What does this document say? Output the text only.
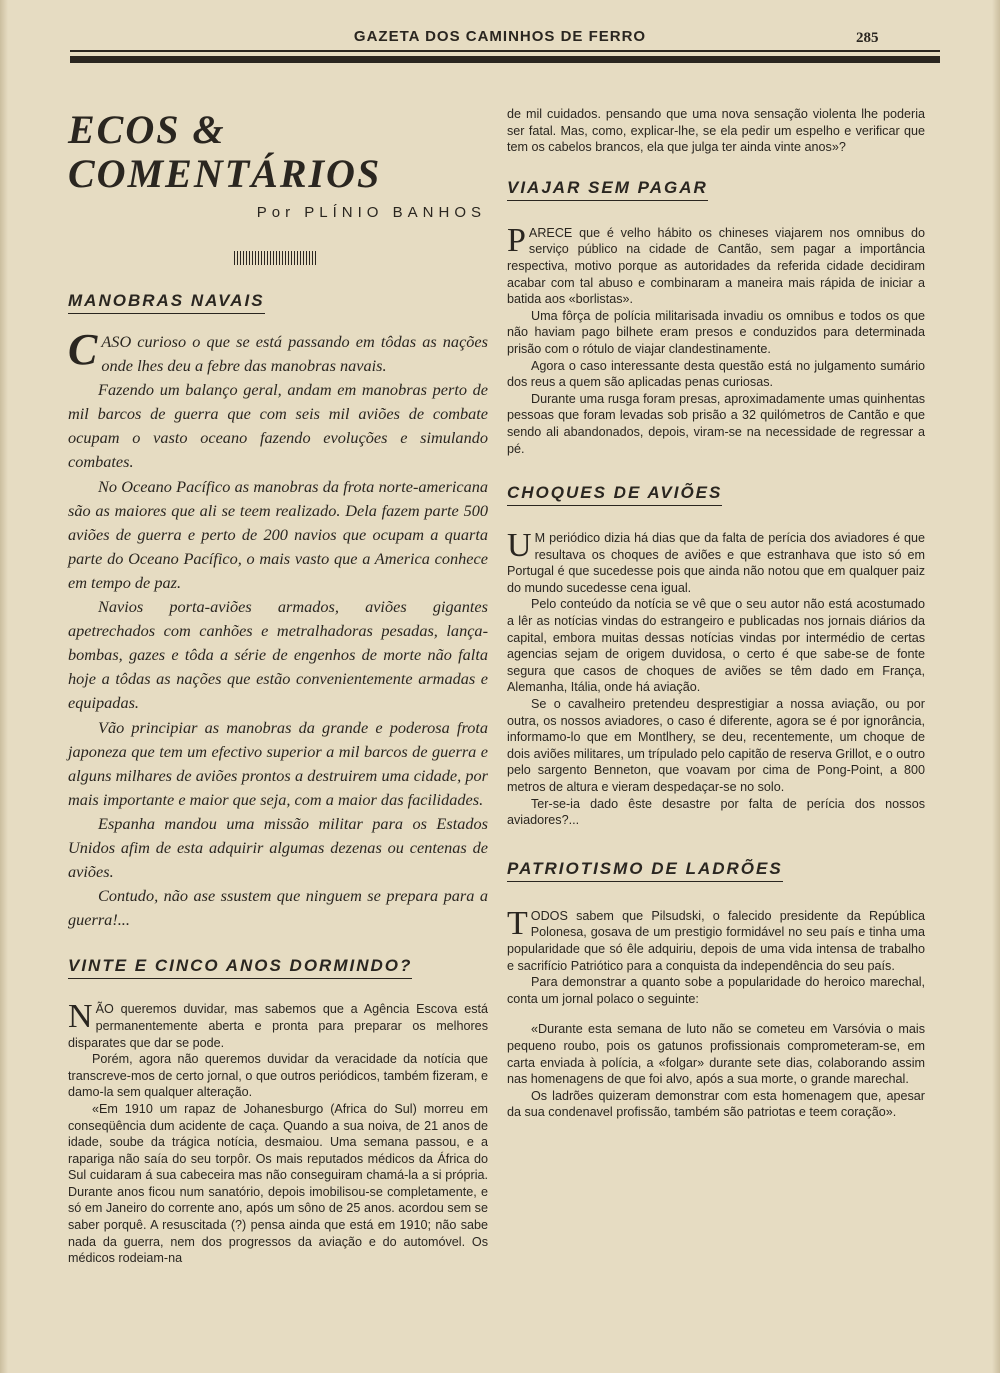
GAZETA DOS CAMINHOS DE FERRO	285
ECOS & COMENTÁRIOS
Por PLÍNIO BANHOS
MANOBRAS NAVAIS

CASO curioso o que se está passando em tôdas as nações onde lhes deu a febre das manobras navais.

Fazendo um balanço geral, andam em manobras perto de mil barcos de guerra que com seis mil aviões de combate ocupam o vasto oceano fazendo evoluções e simulando combates.

No Oceano Pacífico as manobras da frota norte-americana são as maiores que ali se teem realizado. Dela fazem parte 500 aviões de guerra e perto de 200 navios que ocupam a quarta parte do Oceano Pacífico, o mais vasto que a America conhece em tempo de paz.

Navios porta-aviões armados, aviões gigantes apetrechados com canhões e metralhadoras pesadas, lança-bombas, gazes e tôda a série de engenhos de morte não falta hoje a tôdas as nações que estão convenientemente armadas e equipadas.

Vão principiar as manobras da grande e poderosa frota japoneza que tem um efectivo superior a mil barcos de guerra e alguns milhares de aviões prontos a destruirem uma cidade, por mais importante e maior que seja, com a maior das facilidades.

Espanha mandou uma missão militar para os Estados Unidos afim de esta adquirir algumas dezenas ou centenas de aviões.

Contudo, não ase ssustem que ninguem se prepara para a guerra!...

VINTE E CINCO ANOS DORMINDO?

NÃO queremos duvidar, mas sabemos que a Agência Escova está permanentemente aberta e pronta para preparar os melhores disparates que dar se pode.

Porém, agora não queremos duvidar da veracidade da notícia que transcreve-mos de certo jornal, o que outros periódicos, também fizeram, e damo-la sem qualquer alteração.

«Em 1910 um rapaz de Johanesburgo (Africa do Sul) morreu em conseqüência dum acidente de caça. Quando a sua noiva, de 21 anos de idade, soube da trágica notícia, desmaiou. Uma semana passou, e a rapariga não saía do seu torpôr. Os mais reputados médicos da África do Sul cuidaram á sua cabeceira mas não conseguiram chamá-la a si própria. Durante anos ficou num sanatório, depois imobilisou-se completamente, e só em Janeiro do corrente ano, após um sôno de 25 anos. acordou sem se saber porquê. A resuscitada (?) pensa ainda que está em 1910; não sabe nada da guerra, nem dos progressos da aviação e do automóvel. Os médicos rodeiam-na

de mil cuidados. pensando que uma nova sensação violenta lhe poderia ser fatal. Mas, como, explicar-lhe, se ela pedir um espelho e verificar que tem os cabelos brancos, ela que julga ter ainda vinte anos»?

VIAJAR SEM PAGAR

PARECE que é velho hábito os chineses viajarem nos omnibus do serviço público na cidade de Cantão, sem pagar a importância respectiva, motivo porque as autoridades da referida cidade decidiram acabar com tal abuso e combinaram a maneira mais rápida de iniciar a batida aos «borlistas».

Uma fôrça de polícia militarisada invadiu os omnibus e todos os que não haviam pago bilhete eram presos e conduzidos para determinada prisão com o rótulo de viajar clandestinamente.

Agora o caso interessante desta questão está no julgamento sumário dos reus a quem são aplicadas penas curiosas.

Durante uma rusga foram presas, aproximadamente umas quinhentas pessoas que foram levadas sob prisão a 32 quilómetros de Cantão e que sendo ali abandonados, depois, viram-se na necessidade de regressar a pé.

CHOQUES DE AVIÕES

U M periódico dizia há dias que da falta de perícia dos aviadores é que resultava os choques de aviões e que estranhava que isto só em Portugal é que sucedesse pois que ainda não notou que em qualquer paiz do mundo sucedesse cena igual.

Pelo conteúdo da notícia se vê que o seu autor não está acostumado a lêr as notícias vindas do estrangeiro e publicadas nos jornais diários da capital, embora muitas dessas notícias vindas por intermédio de certas agencias sejam de origem duvidosa, o certo é que sabe-se de fonte segura que casos de choques de aviões se têm dado em França, Alemanha, Itália, onde há aviação.

Se o cavalheiro pretendeu desprestigiar a nossa aviação, ou por outra, os nossos aviadores, o caso é diferente, agora se é por ignorância, informamo-lo que em Montlhery, se deu, recentemente, um choque de dois aviões militares, um trípulado pelo capitão de reserva Grillot, e o outro pelo sargento Benneton, que voavam por cima de Pong-Point, a 800 metros de altura e vieram despedaçar-se no solo.

Ter-se-ia dado êste desastre por falta de perícia dos nossos aviadores?...

PATRIOTISMO DE LADRÕES

TODOS sabem que Pilsudski, o falecido presidente da República Polonesa, gosava de um prestigio formidável no seu país e tinha uma popularidade que só êle adquiriu, depois de uma vida intensa de trabalho e sacrifício Patriótico para a conquista da independência do seu país.

Para demonstrar a quanto sobe a popularidade do heroico marechal, conta um jornal polaco o seguinte:

«Durante esta semana de luto não se cometeu em Varsóvia o mais pequeno roubo, pois os gatunos profissionais comprometeram-se, em carta enviada à polícia, a «folgar» durante sete dias, colaborando assim nas homenagens de que foi alvo, após a sua morte, o grande marechal.

Os ladrões quizeram demonstrar com esta homenagem que, apesar da sua condenavel profissão, também são patriotas e teem coração».
